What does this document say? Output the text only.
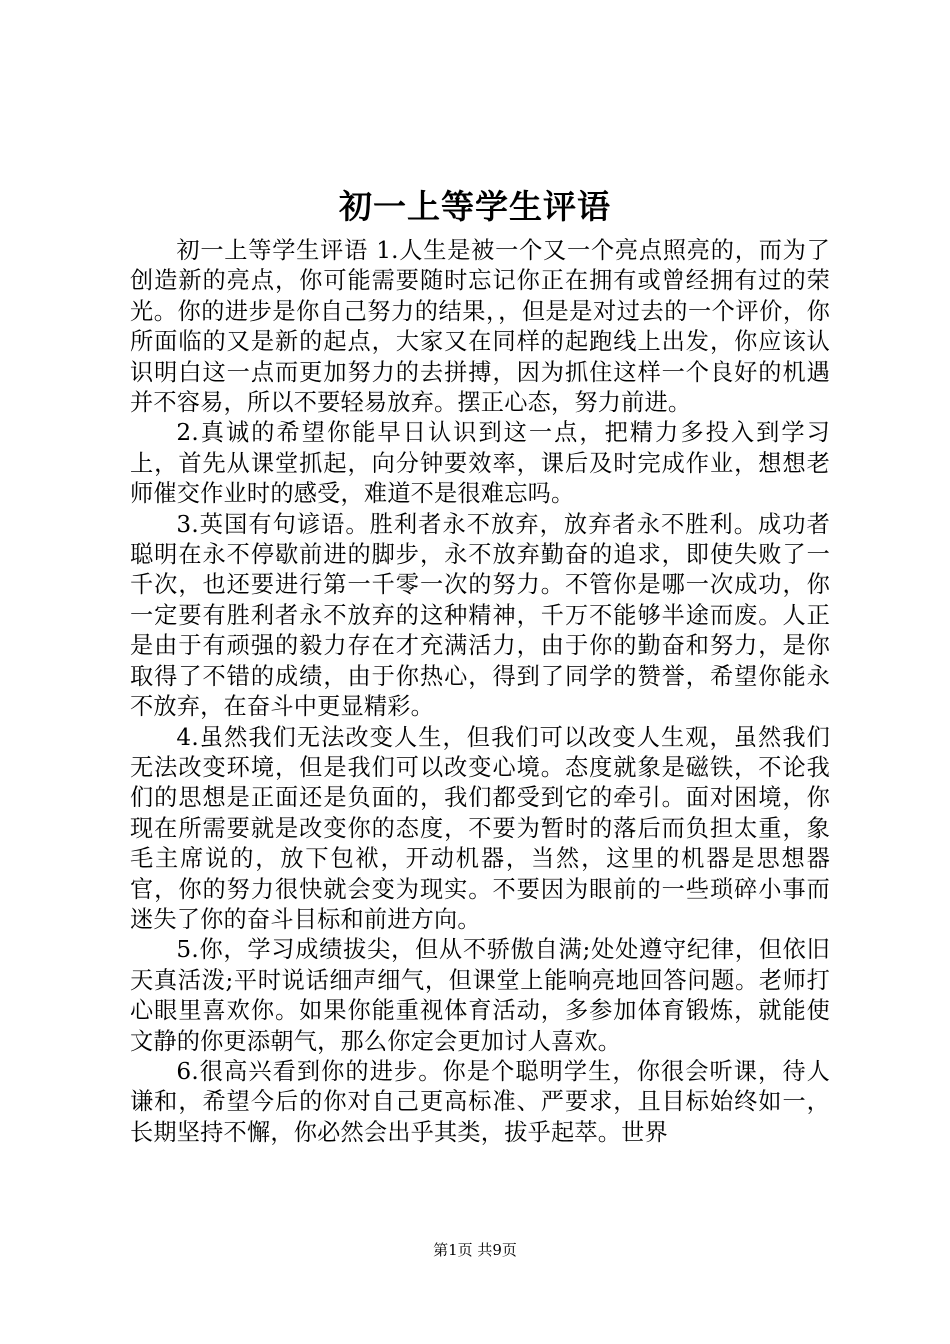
初一上等学生评语

初一上等学生评语 1.人生是被一个又一个亮点照亮的，而为了创造新的亮点，你可能需要随时忘记你正在拥有或曾经拥有过的荣光。你的进步是你自己努力的结果，，但是是对过去的一个评价，你所面临的又是新的起点，大家又在同样的起跑线上出发，你应该认识明白这一点而更加努力的去拼搏，因为抓住这样一个良好的机遇并不容易，所以不要轻易放弃。摆正心态，努力前进。

2.真诚的希望你能早日认识到这一点，把精力多投入到学习上，首先从课堂抓起，向分钟要效率，课后及时完成作业，想想老师催交作业时的感受，难道不是很难忘吗。

3.英国有句谚语。胜利者永不放弃，放弃者永不胜利。成功者聪明在永不停歇前进的脚步，永不放弃勤奋的追求，即使失败了一千次，也还要进行第一千零一次的努力。不管你是哪一次成功，你一定要有胜利者永不放弃的这种精神，千万不能够半途而废。人正是由于有顽强的毅力存在才充满活力，由于你的勤奋和努力，是你取得了不错的成绩，由于你热心，得到了同学的赞誉，希望你能永不放弃，在奋斗中更显精彩。

4.虽然我们无法改变人生，但我们可以改变人生观，虽然我们无法改变环境，但是我们可以改变心境。态度就象是磁铁，不论我们的思想是正面还是负面的，我们都受到它的牵引。面对困境，你现在所需要就是改变你的态度，不要为暂时的落后而负担太重，象毛主席说的，放下包袱，开动机器，当然，这里的机器是思想器官，你的努力很快就会变为现实。不要因为眼前的一些琐碎小事而迷失了你的奋斗目标和前进方向。

5.你，学习成绩拔尖，但从不骄傲自满;处处遵守纪律，但依旧天真活泼;平时说话细声细气，但课堂上能响亮地回答问题。老师打心眼里喜欢你。如果你能重视体育活动，多参加体育锻炼，就能使文静的你更添朝气，那么你定会更加讨人喜欢。

6.很高兴看到你的进步。你是个聪明学生，你很会听课，待人谦和，希望今后的你对自己更高标准、严要求，且目标始终如一，长期坚持不懈，你必然会出乎其类，拔乎起萃。世界

第1页 共9页
